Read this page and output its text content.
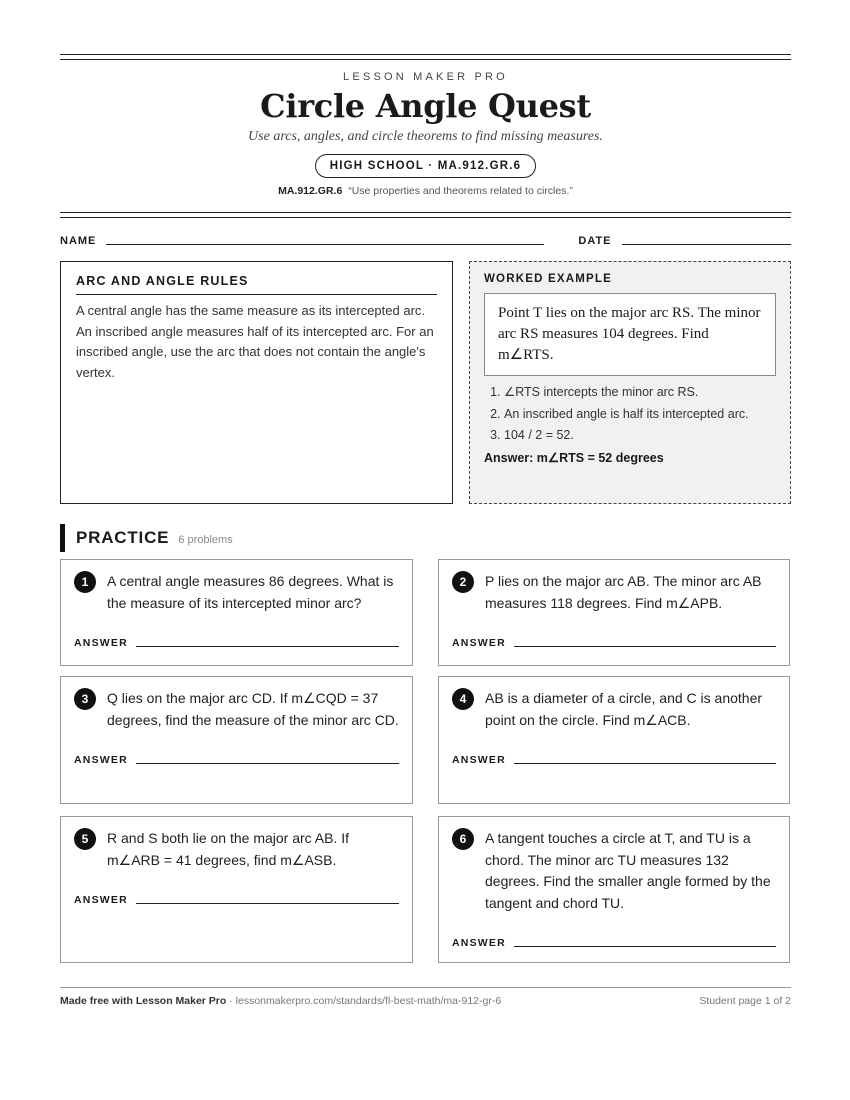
LESSON MAKER PRO
Circle Angle Quest
Use arcs, angles, and circle theorems to find missing measures.
HIGH SCHOOL · MA.912.GR.6
MA.912.GR.6 “Use properties and theorems related to circles.”
NAME	DATE
ARC AND ANGLE RULES
A central angle has the same measure as its intercepted arc. An inscribed angle measures half of its intercepted arc. For an inscribed angle, use the arc that does not contain the angle's vertex.
WORKED EXAMPLE
Point T lies on the major arc RS. The minor arc RS measures 104 degrees. Find m∠RTS.
1. ∠RTS intercepts the minor arc RS.
2. An inscribed angle is half its intercepted arc.
3. 104 / 2 = 52.
Answer: m∠RTS = 52 degrees
PRACTICE 6 problems
1	A central angle measures 86 degrees. What is the measure of its intercepted minor arc?
ANSWER
2	P lies on the major arc AB. The minor arc AB measures 118 degrees. Find m∠APB.
ANSWER
3	Q lies on the major arc CD. If m∠CQD = 37 degrees, find the measure of the minor arc CD.
ANSWER
4	AB is a diameter of a circle, and C is another point on the circle. Find m∠ACB.
ANSWER
5	R and S both lie on the major arc AB. If m∠ARB = 41 degrees, find m∠ASB.
ANSWER
6	A tangent touches a circle at T, and TU is a chord. The minor arc TU measures 132 degrees. Find the smaller angle formed by the tangent and chord TU.
ANSWER
Made free with Lesson Maker Pro · lessonmakerpro.com/standards/fl-best-math/ma-912-gr-6	Student page 1 of 2
